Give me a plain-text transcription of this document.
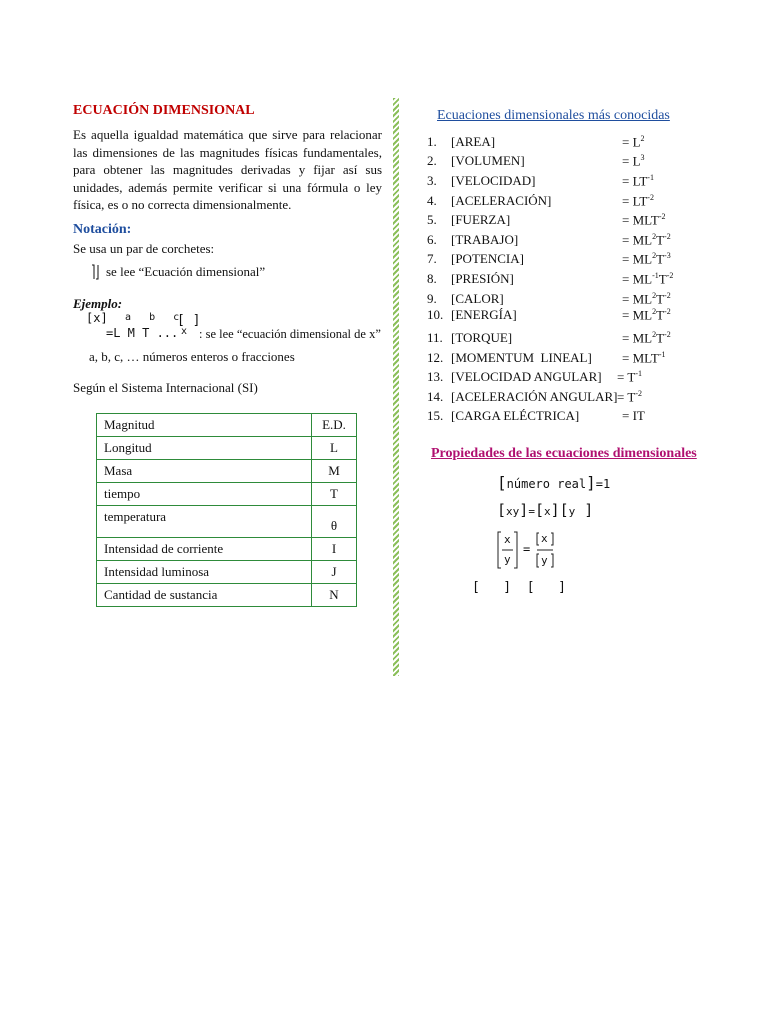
ECUACIÓN DIMENSIONAL

Es aquella igualdad matemática que sirve para relacionar las dimensiones de las magnitudes físicas fundamentales, para obtener las magnitudes derivadas y fijar así sus unidades, además permite verificar si una fórmula o ley física, es o no correcta dimensionalmente.

Notación:
Se usa un par de corchetes:
se lee “Ecuación dimensional”
Ejemplo:
[x] a   b   c
[ ]
=L M T ... x : se lee “ecuación dimensional de x”
a, b, c, … números enteros o fracciones
Según el Sistema Internacional (SI)
Magnitud	E.D.
Longitud	L
Masa	M
tiempo	T
temperatura	θ
Intensidad de corriente	I
Intensidad luminosa	J
Cantidad de sustancia	N
Ecuaciones dimensionales más conocidas
1.	[AREA]	= $L^2$
2.	[VOLUMEN]	= $L^3$
3.	[VELOCIDAD]	= $LT^{-1}$
4.	[ACELERACIÓN]	= $LT^{-2}$
5.	[FUERZA]	= $MLT^{-2}$
6.	[TRABAJO]	= $ML^2T^{-2}$
7.	[POTENCIA]	= $ML^2T^{-3}$
8.	[PRESIÓN]	= $ML^{-1}T^{-2}$
9.	[CALOR]	= $ML^2T^{-2}$
10. [ENERGÍA]	= $ML^2T^{-2}$
11. [TORQUE]	= $ML^2T^{-2}$
12. [MOMENTUM  LINEAL] = $MLT^{-1}$
13. [VELOCIDAD ANGULAR] = $T^{-1}$
14. [ACELERACIÓN ANGULAR] = $T^{-2}$
15. [CARGA ELÉCTRICA]	= IT
Propiedades de las ecuaciones dimensionales
[número real]=1
[xy]=[x][y ]
x
y
=
x
y
[   ]  [   ]
